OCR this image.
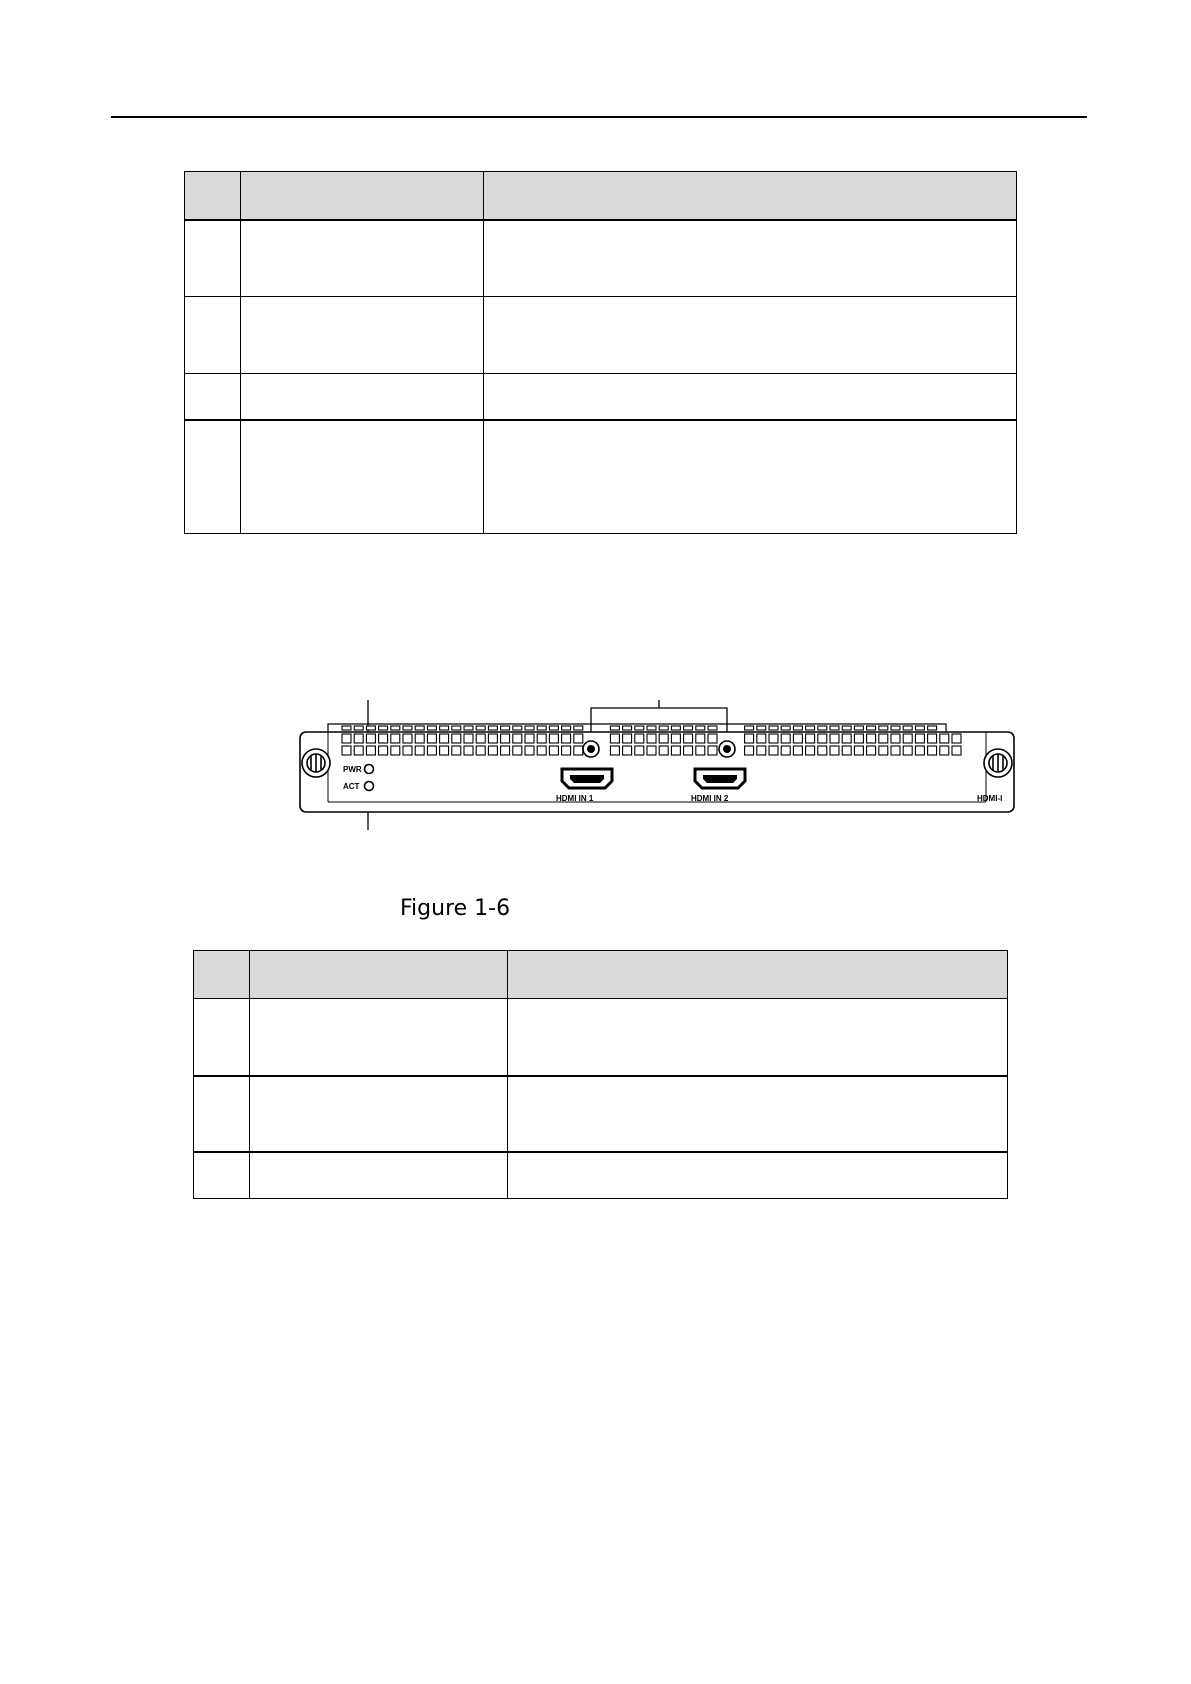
PWR
ACT
HDMI IN 1	HDMI IN 2	HDMI-I
Figure 1-6
